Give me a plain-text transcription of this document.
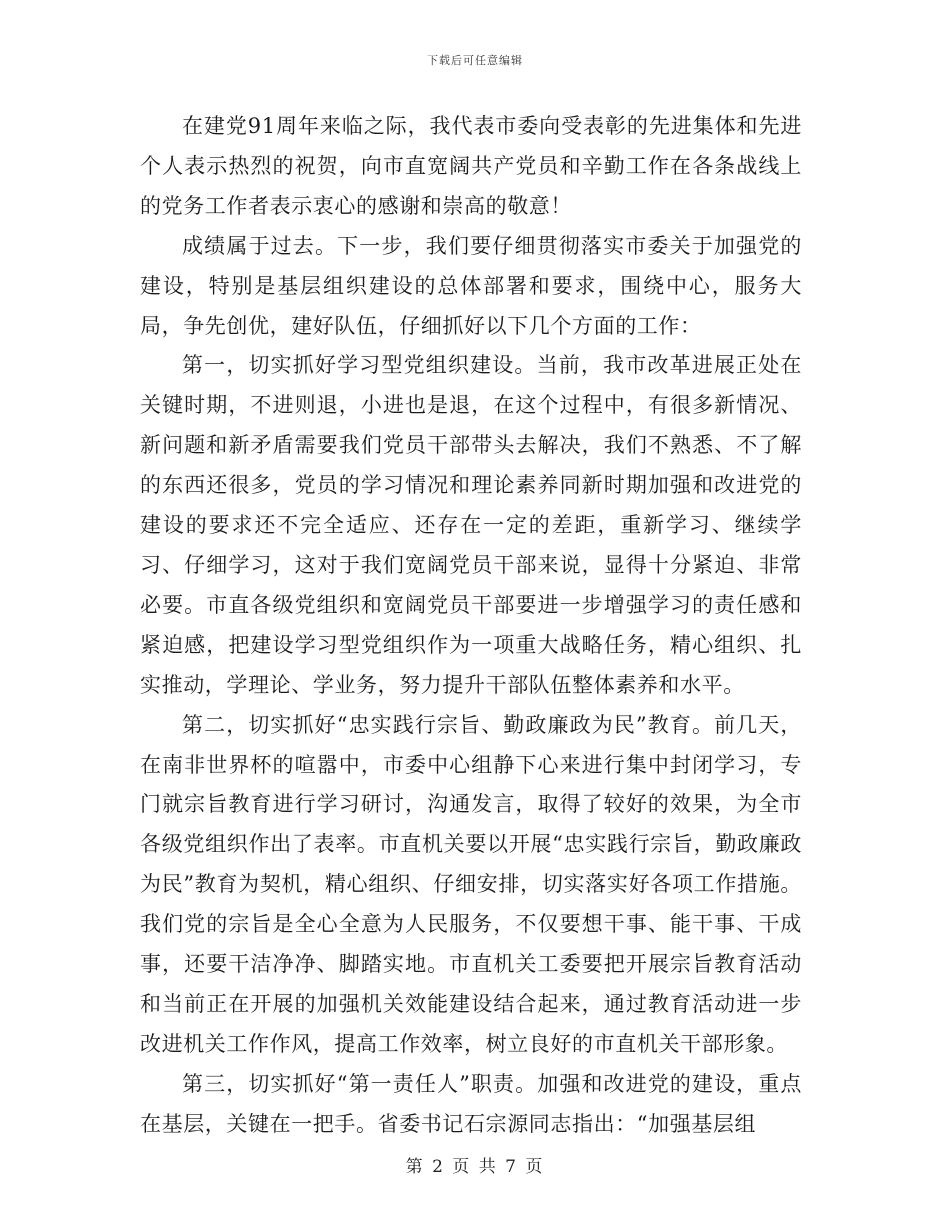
下载后可任意编辑

在建党91周年来临之际，我代表市委向受表彰的先进集体和先进个人表示热烈的祝贺，向市直宽阔共产党员和辛勤工作在各条战线上的党务工作者表示衷心的感谢和崇高的敬意！

成绩属于过去。下一步，我们要仔细贯彻落实市委关于加强党的建设，特别是基层组织建设的总体部署和要求，围绕中心，服务大局，争先创优，建好队伍，仔细抓好以下几个方面的工作：

第一，切实抓好学习型党组织建设。当前，我市改革进展正处在关键时期，不进则退，小进也是退，在这个过程中，有很多新情况、新问题和新矛盾需要我们党员干部带头去解决，我们不熟悉、不了解的东西还很多，党员的学习情况和理论素养同新时期加强和改进党的建设的要求还不完全适应、还存在一定的差距，重新学习、继续学习、仔细学习，这对于我们宽阔党员干部来说，显得十分紧迫、非常必要。市直各级党组织和宽阔党员干部要进一步增强学习的责任感和紧迫感，把建设学习型党组织作为一项重大战略任务，精心组织、扎实推动，学理论、学业务，努力提升干部队伍整体素养和水平。

第二，切实抓好“忠实践行宗旨、勤政廉政为民”教育。前几天，在南非世界杯的喧嚣中，市委中心组静下心来进行集中封闭学习，专门就宗旨教育进行学习研讨，沟通发言，取得了较好的效果，为全市各级党组织作出了表率。市直机关要以开展“忠实践行宗旨，勤政廉政为民”教育为契机，精心组织、仔细安排，切实落实好各项工作措施。我们党的宗旨是全心全意为人民服务，不仅要想干事、能干事、干成事，还要干洁净净、脚踏实地。市直机关工委要把开展宗旨教育活动和当前正在开展的加强机关效能建设结合起来，通过教育活动进一步改进机关工作作风，提高工作效率，树立良好的市直机关干部形象。

第三，切实抓好“第一责任人”职责。加强和改进党的建设，重点在基层，关键在一把手。省委书记石宗源同志指出：“加强基层组

第 2 页 共 7 页
